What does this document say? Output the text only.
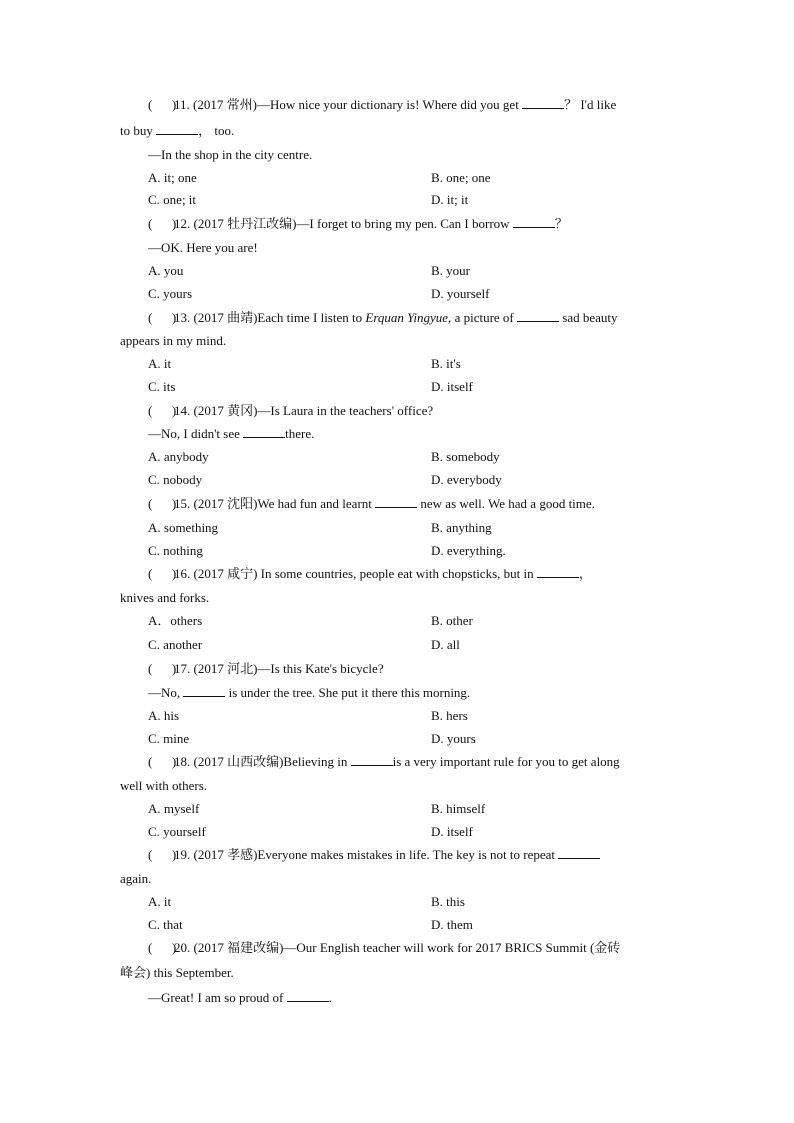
(      )11. (2017 常州)—How nice your dictionary is! Where did you get	？ I'd like
to buy	， too.
—In the shop in the city centre.
A. it; one	B. one; one
C. one; it	D. it; it
(      )12. (2017 牡丹江改编)—I forget to bring my pen. Can I borrow	？
—OK. Here you are!
A. you	B. your
C. yours	D. yourself
(      )13. (2017 曲靖)Each time I listen to Erquan Yingyue, a picture of	sad beauty
appears in my mind.
A. it	B. it's
C. its	D. itself
(      )14. (2017 黄冈)—Is Laura in the teachers' office?
—No, I didn't see	there.
A. anybody	B. somebody
C. nobody	D. everybody
(      )15. (2017 沈阳)We had fun and learnt	new as well. We had a good time.
A. something	B. anything
C. nothing	D. everything.
(      )16. (2017 咸宁) In some countries, people eat with chopsticks, but in	，
knives and forks.
A．others	B. other
C. another	D. all
(      )17. (2017 河北)—Is this Kate's bicycle?
—No,	is under the tree. She put it there this morning.
A. his	B. hers
C. mine	D. yours
(      )18. (2017 山西改编)Believing in	is a very important rule for you to get along
well with others.
A. myself	B. himself
C. yourself	D. itself
(      )19. (2017 孝感)Everyone makes mistakes in life. The key is not to repeat
again.
A. it	B. this
C. that	D. them
(      )20. (2017 福建改编)—Our English teacher will work for 2017 BRICS Summit (金砖
峰会) this September.
—Great! I am so proud of	.
